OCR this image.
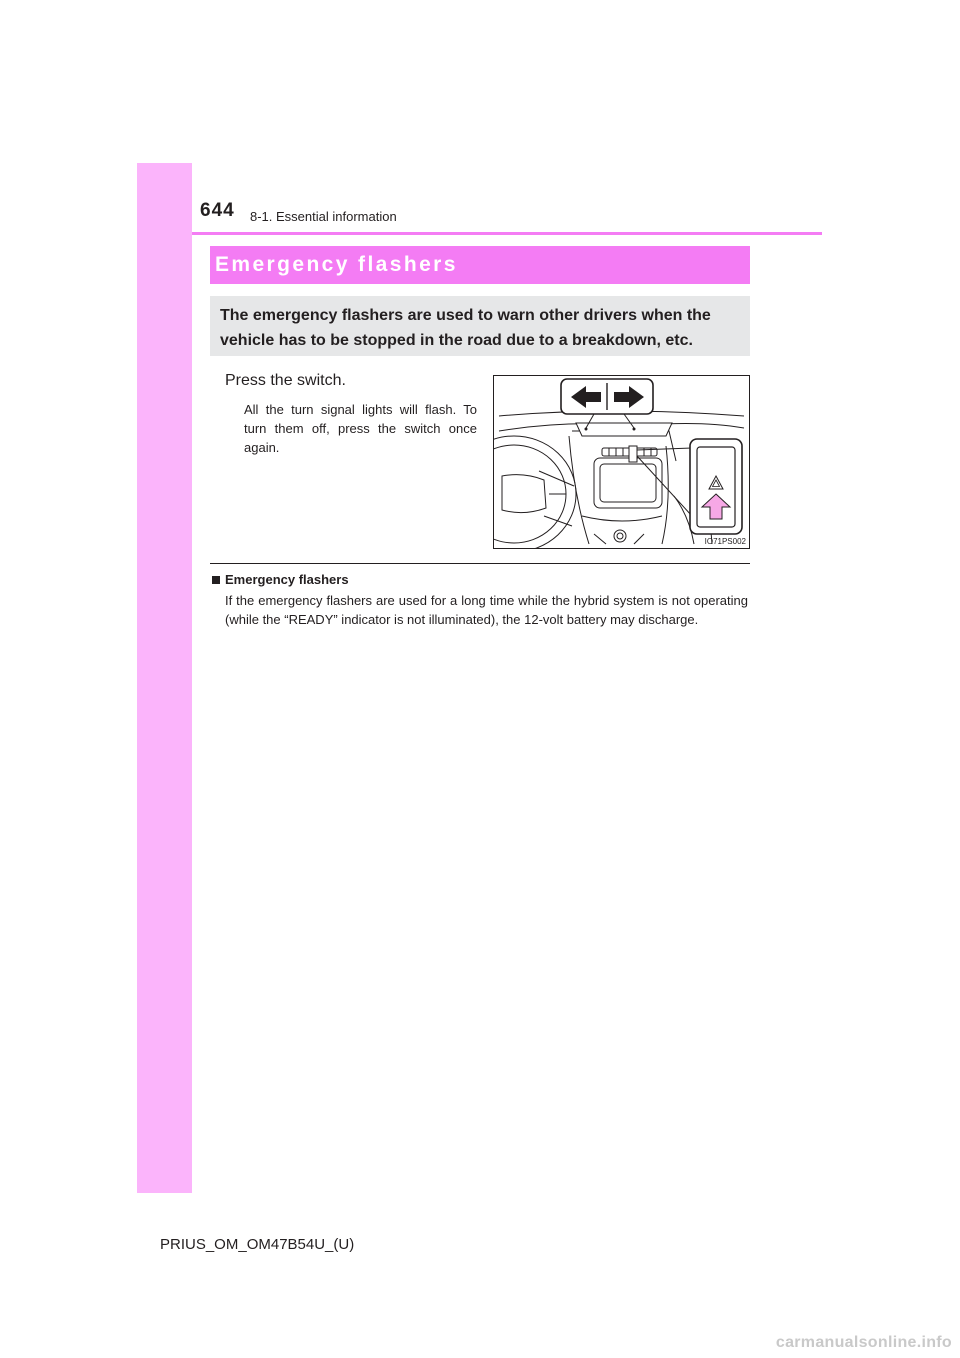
644 8-1. Essential information
Emergency flashers
The emergency flashers are used to warn other drivers when the vehicle has to be stopped in the road due to a breakdown, etc.
Press the switch.
All the turn signal lights will flash. To turn them off, press the switch once again.
IO71PS002
Emergency flashers
If the emergency flashers are used for a long time while the hybrid system is not operating (while the “READY” indicator is not illuminated), the 12-volt battery may discharge.
PRIUS_OM_OM47B54U_(U)
carmanualsonline.info
